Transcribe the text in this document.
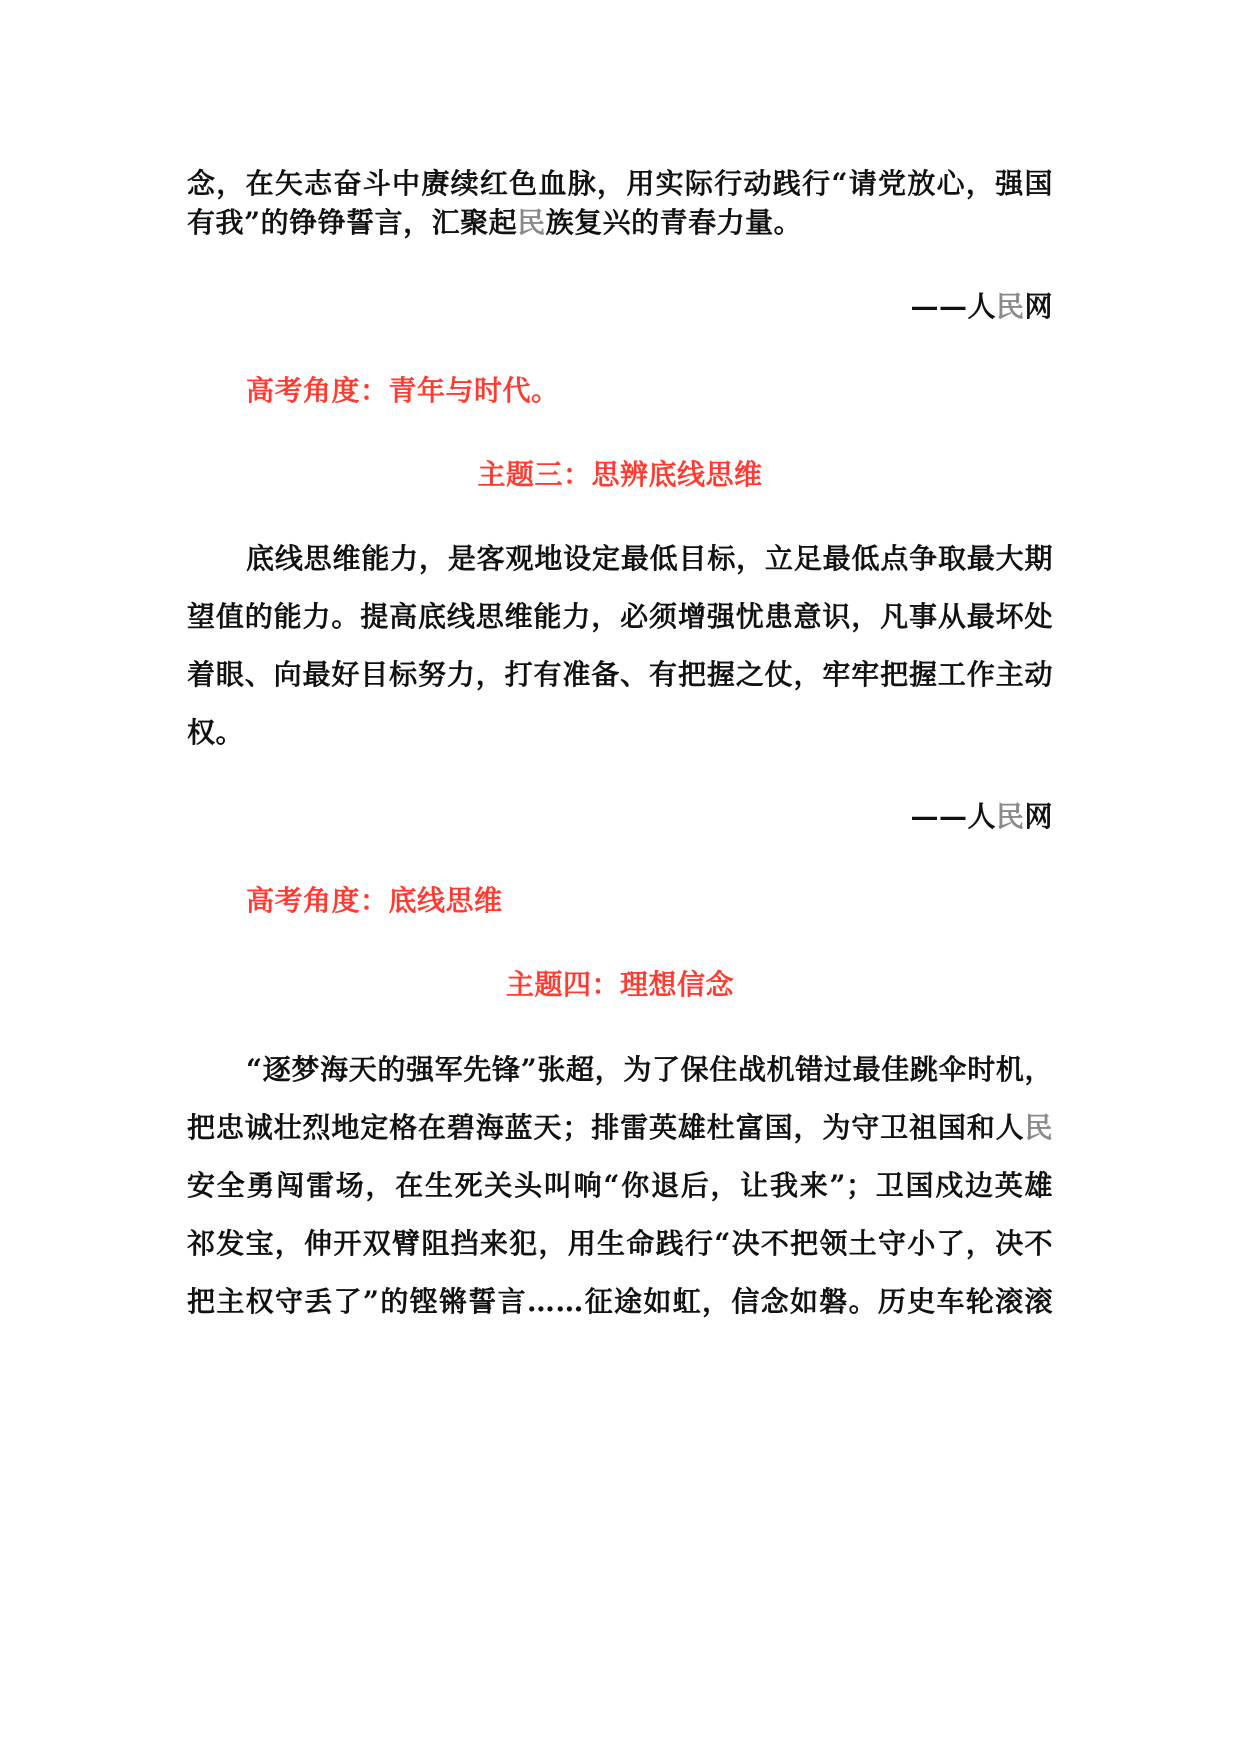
念，在矢志奋斗中赓续红色血脉，用实际行动践行“请党放心，强国
有我”的铮铮誓言，汇聚起民族复兴的青春力量。
——人民网
高考角度：青年与时代。
主题三：思辨底线思维
底线思维能力，是客观地设定最低目标，立足最低点争取最大期
望值的能力。提高底线思维能力，必须增强忧患意识，凡事从最坏处
着眼、向最好目标努力，打有准备、有把握之仗，牢牢把握工作主动
权。
——人民网
高考角度：底线思维
主题四：理想信念
“逐梦海天的强军先锋”张超，为了保住战机错过最佳跳伞时机，
把忠诚壮烈地定格在碧海蓝天；排雷英雄杜富国，为守卫祖国和人民
安全勇闯雷场，在生死关头叫响“你退后，让我来”；卫国戍边英雄
祁发宝，伸开双臂阻挡来犯，用生命践行“决不把领土守小了，决不
把主权守丢了”的铿锵誓言……征途如虹，信念如磐。历史车轮滚滚
